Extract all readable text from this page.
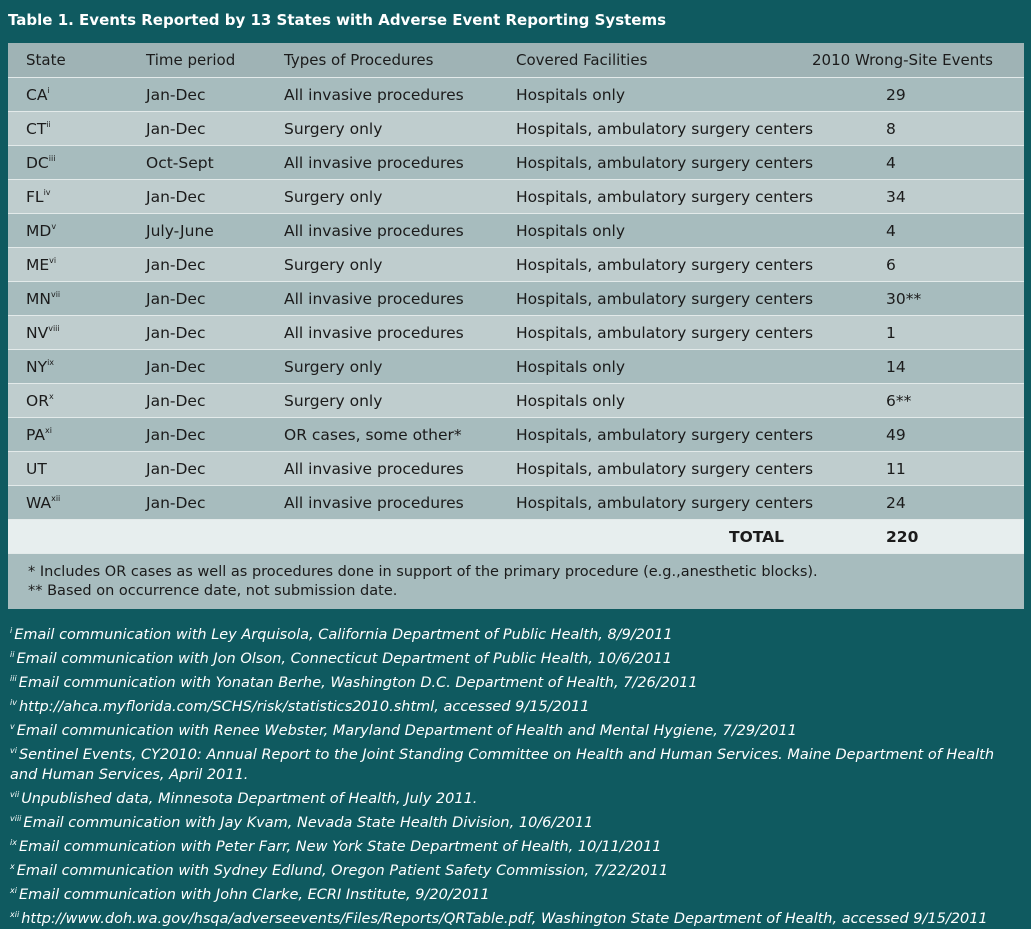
Table 1. Events Reported by 13 States with Adverse Event Reporting Systems
State	Time period	Types of Procedures	Covered Facilities	2010 Wrong-Site Events
$CA^i$	Jan-Dec	All invasive procedures	Hospitals only	29
CT$^{ii}$	Jan-Dec	Surgery only	Hospitals, ambulatory surgery centers	8
DC$^{iii}$	Oct-Sept	All invasive procedures	Hospitals, ambulatory surgery centers	4
FL$^{iv}$	Jan-Dec	Surgery only	Hospitals, ambulatory surgery centers	34
$MD^v$	July-June	All invasive procedures	Hospitals only	4
ME$^{vi}$	Jan-Dec	Surgery only	Hospitals, ambulatory surgery centers	6
MN$^{vii}$	Jan-Dec	All invasive procedures	Hospitals, ambulatory surgery centers	30**
NV$^{viii}$	Jan-Dec	All invasive procedures	Hospitals, ambulatory surgery centers	1
NY$^{ix}$	Jan-Dec	Surgery only	Hospitals only	14
$OR^x$	Jan-Dec	Surgery only	Hospitals only	6**
PA$^{xi}$	Jan-Dec	OR cases, some other*	Hospitals, ambulatory surgery centers	49
UT	Jan-Dec	All invasive procedures	Hospitals, ambulatory surgery centers	11
WA$^{xii}$	Jan-Dec	All invasive procedures	Hospitals, ambulatory surgery centers	24
TOTAL				220
* Includes OR cases as well as procedures done in support of the primary procedure (e.g.,anesthetic blocks).
** Based on occurrence date, not submission date.
$^i$ Email communication with Ley Arquisola, California Department of Public Health, 8/9/2011
$^{ii}$ Email communication with Jon Olson, Connecticut Department of Public Health, 10/6/2011
$^{iii}$ Email communication with Yonatan Berhe, Washington D.C. Department of Health, 7/26/2011
$^{iv}$ http://ahca.myflorida.com/SCHS/risk/statistics2010.shtml, accessed 9/15/2011
$^v$ Email communication with Renee Webster, Maryland Department of Health and Mental Hygiene, 7/29/2011
$^{vi}$ Sentinel Events, CY2010: Annual Report to the Joint Standing Committee on Health and Human Services. Maine Department of Health and Human Services, April 2011.
$^{vii}$ Unpublished data, Minnesota Department of Health, July 2011.
$^{viii}$ Email communication with Jay Kvam, Nevada State Health Division, 10/6/2011
$^{ix}$ Email communication with Peter Farr, New York State Department of Health, 10/11/2011
$^x$ Email communication with Sydney Edlund, Oregon Patient Safety Commission, 7/22/2011
$^{xi}$ Email communication with John Clarke, ECRI Institute, 9/20/2011
$^{xii}$ http://www.doh.wa.gov/hsqa/adverseevents/Files/Reports/QRTable.pdf, Washington State Department of Health, accessed 9/15/2011
